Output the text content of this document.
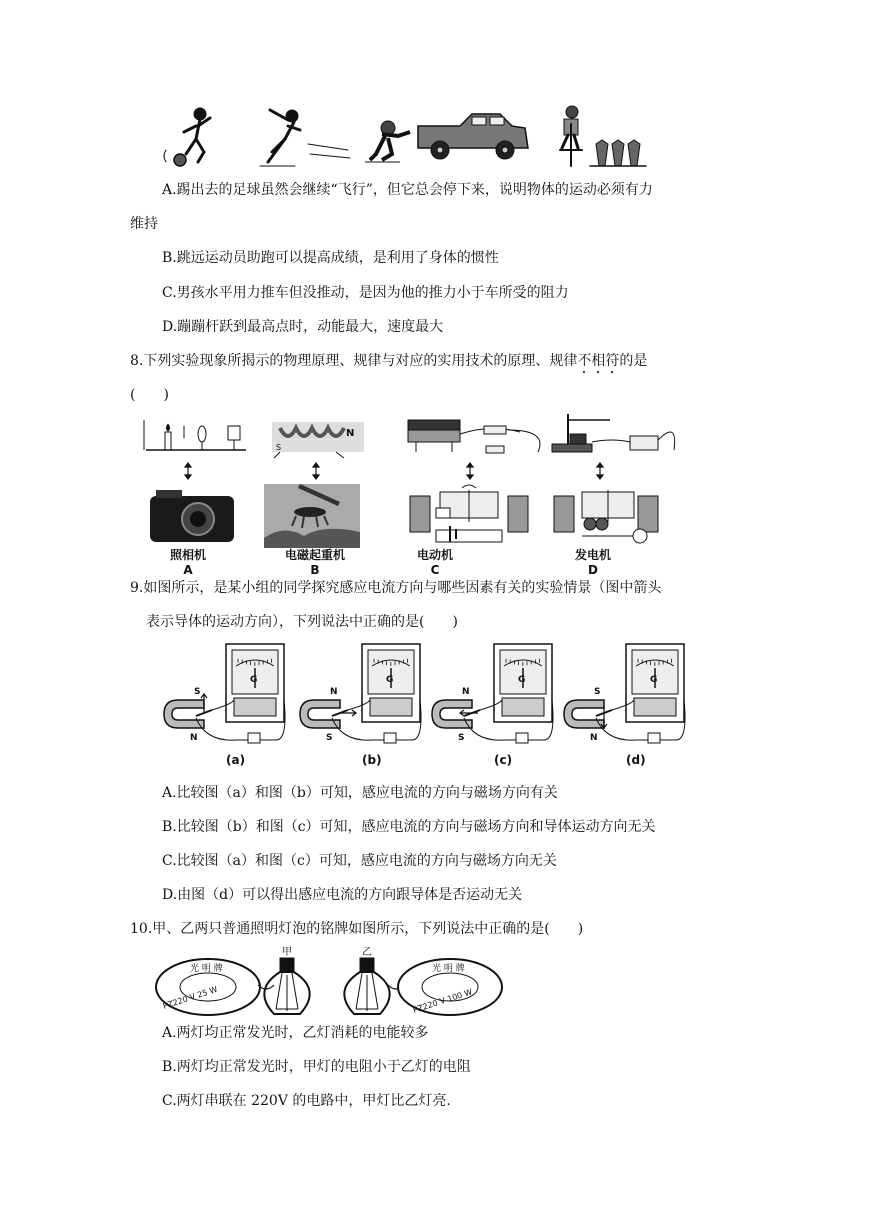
A.踢出去的足球虽然会继续“飞行”，但它总会停下来，说明物体的运动必须有力
维持
B.跳远运动员助跑可以提高成绩，是利用了身体的惯性
C.男孩水平用力推车但没推动，是因为他的推力小于车所受的阻力
D.蹦蹦杆跃到最高点时，动能最大，速度最大
8.下列实验现象所揭示的物理原理、规律与对应的实用技术的原理、规律不相符的是
(　　)
N
S
照相机
A
电磁起重机
B
电动机
C
发电机
D
9.如图所示，是某小组的同学探究感应电流方向与哪些因素有关的实验情景（图中箭头
表示导体的运动方向），下列说法中正确的是(　　)
G
S
N
(a)
G
N
S
(b)
G
N
S
(c)
G
S
N
(d)
A.比较图（a）和图（b）可知，感应电流的方向与磁场方向有关
B.比较图（b）和图（c）可知，感应电流的方向与磁场方向和导体运动方向无关
C.比较图（a）和图（c）可知，感应电流的方向与磁场方向无关
D.由图（d）可以得出感应电流的方向跟导体是否运动无关
10.甲、乙两只普通照明灯泡的铭牌如图所示，下列说法中正确的是(　　)
光 明 牌
PZ220 V 25 W
甲	乙
光 明 牌
PZ220 V 100 W
A.两灯均正常发光时，乙灯消耗的电能较多
B.两灯均正常发光时，甲灯的电阻小于乙灯的电阻
C.两灯串联在 220V 的电路中，甲灯比乙灯亮.
